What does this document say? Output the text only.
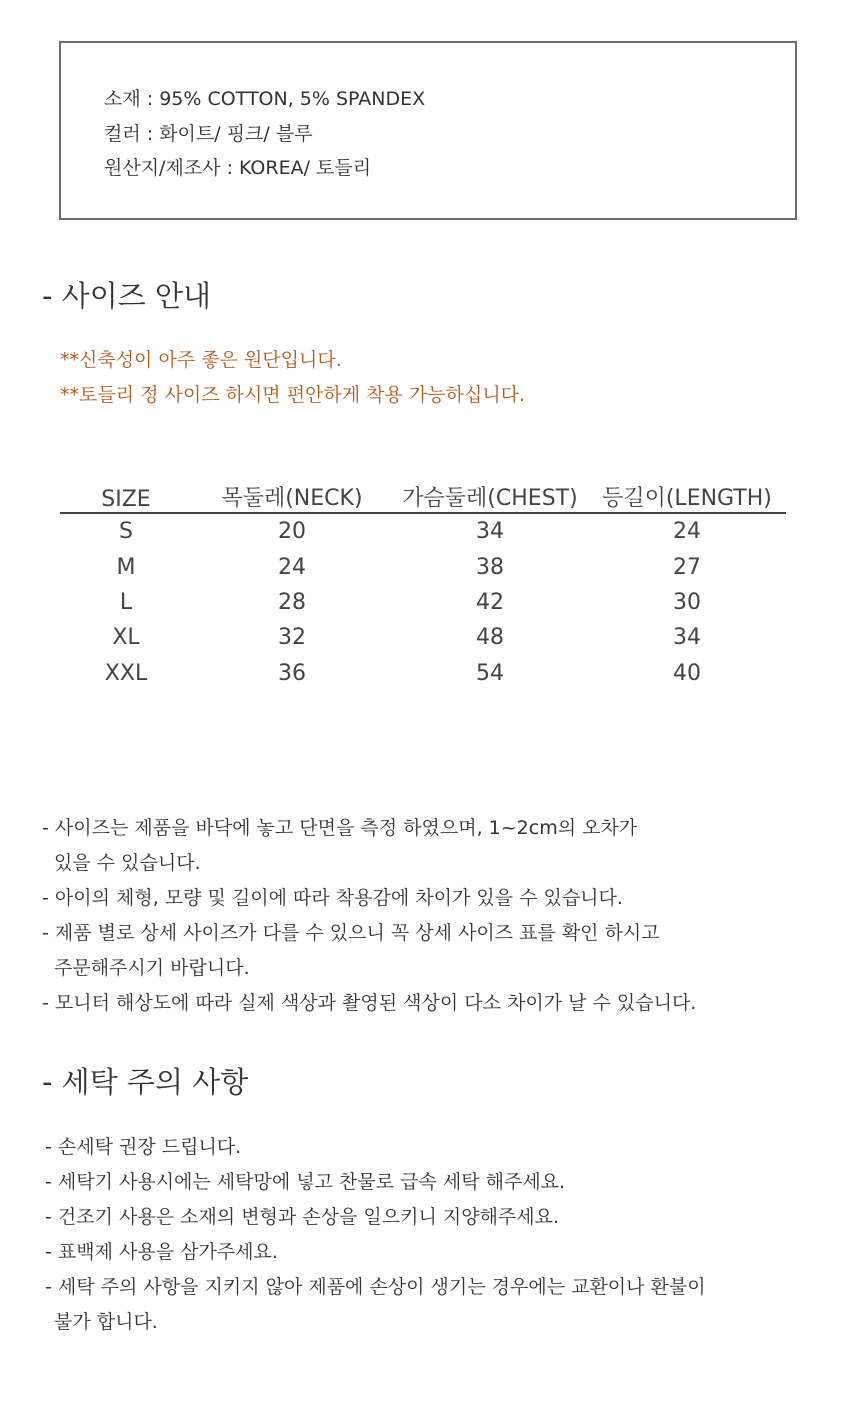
소재 : 95% COTTON, 5% SPANDEX
컬러 : 화이트/ 핑크/ 블루
원산지/제조사 : KOREA/ 토들리
- 사이즈 안내
**신축성이 아주 좋은 원단입니다.
**토들리 정 사이즈 하시면 편안하게 착용 가능하십니다.
SIZE	목둘레(NECK)	가슴둘레(CHEST)	등길이(LENGTH)
S	20	34	24
M	24	38	27
L	28	42	30
XL	32	48	34
XXL	36	54	40
- 사이즈는 제품을 바닥에 놓고 단면을 측정 하였으며, 1~2cm의 오차가
있을 수 있습니다.
- 아이의 체형, 모량 및 길이에 따라 착용감에 차이가 있을 수 있습니다.
- 제품 별로 상세 사이즈가 다를 수 있으니 꼭 상세 사이즈 표를 확인 하시고
주문해주시기 바랍니다.
- 모니터 해상도에 따라 실제 색상과 촬영된 색상이 다소 차이가 날 수 있습니다.
- 세탁 주의 사항
- 손세탁 권장 드립니다.
- 세탁기 사용시에는 세탁망에 넣고 찬물로 급속 세탁 해주세요.
- 건조기 사용은 소재의 변형과 손상을 일으키니 지양해주세요.
- 표백제 사용을 삼가주세요.
- 세탁 주의 사항을 지키지 않아 제품에 손상이 생기는 경우에는 교환이나 환불이
불가 합니다.
